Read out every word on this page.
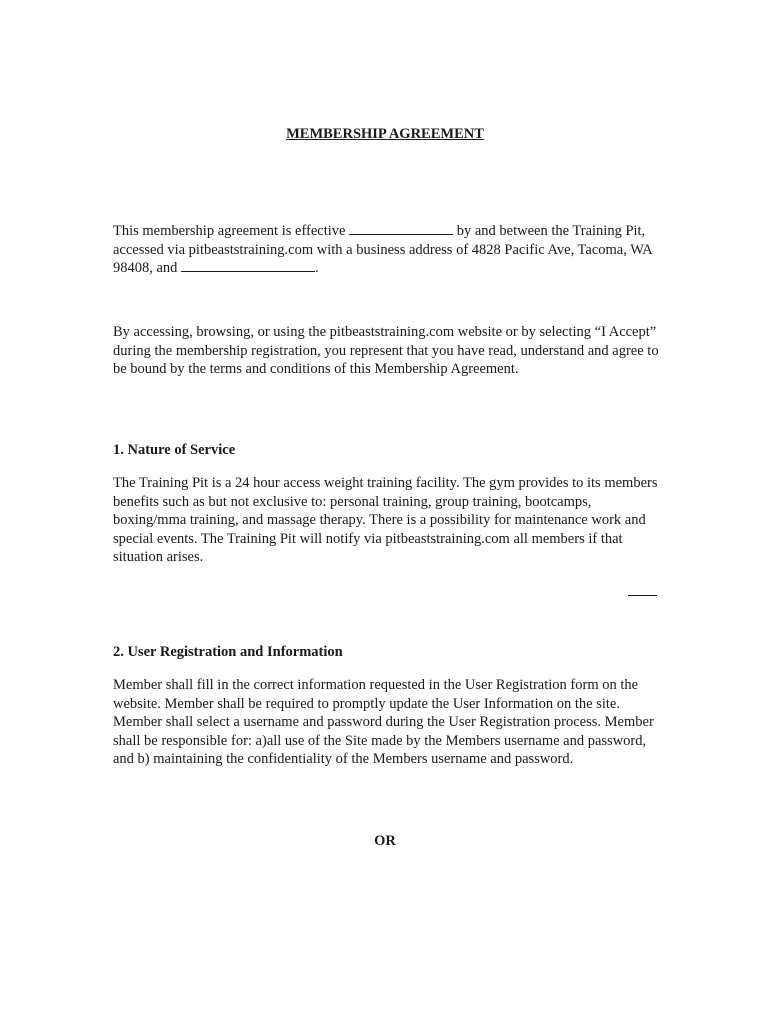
MEMBERSHIP AGREEMENT

This membership agreement is effective	by and between the Training Pit, accessed via pitbeaststraining.com with a business address of 4828 Pacific Ave, Tacoma, WA 98408, and	.

By accessing, browsing, or using the pitbeaststraining.com website or by selecting “I Accept” during the membership registration, you represent that you have read, understand and agree to be bound by the terms and conditions of this Membership Agreement.

1. Nature of Service

The Training Pit is a 24 hour access weight training facility. The gym provides to its members benefits such as but not exclusive to: personal training, group training, bootcamps, boxing/mma training, and massage therapy. There is a possibility for maintenance work and special events. The Training Pit will notify via pitbeaststraining.com all members if that situation arises.

2. User Registration and Information

Member shall fill in the correct information requested in the User Registration form on the website. Member shall be required to promptly update the User Information on the site. Member shall select a username and password during the User Registration process. Member shall be responsible for: a)all use of the Site made by the Members username and password, and b) maintaining the confidentiality of the Members username and password.

OR
